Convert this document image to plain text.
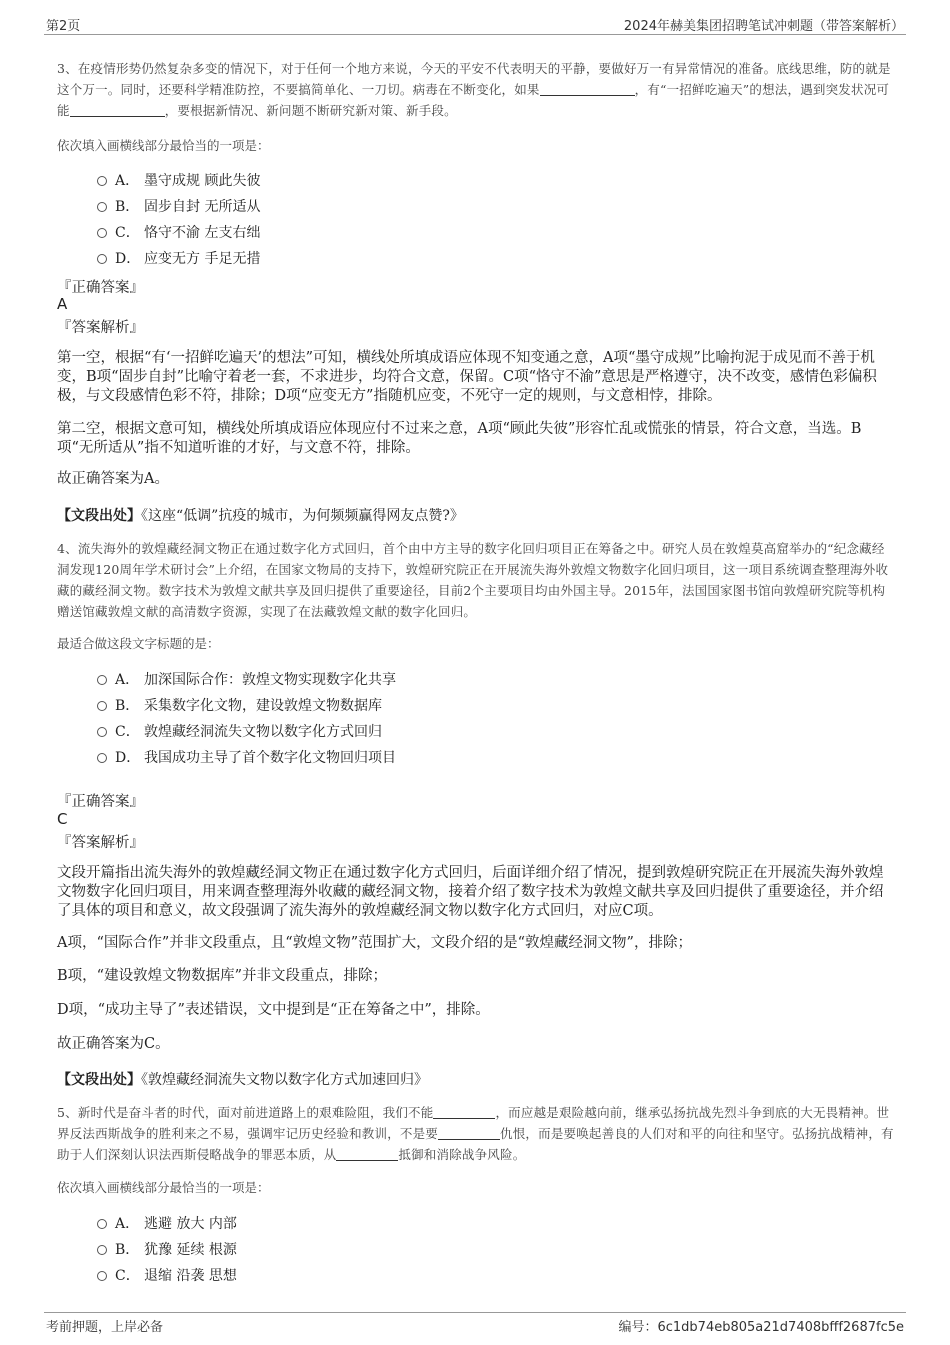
第2页	2024年赫美集团招聘笔试冲刺题（带答案解析）
3、在疫情形势仍然复杂多变的情况下，对于任何一个地方来说，今天的平安不代表明天的平静，要做好万一有异常情况的准备。底线思维，防的就是这个万一。同时，还要科学精准防控，不要搞简单化、一刀切。病毒在不断变化，如果	，有“一招鲜吃遍天”的想法，遇到突发状况可能	，要根据新情况、新问题不断研究新对策、新手段。
依次填入画横线部分最恰当的一项是：
A． 墨守成规 顾此失彼
B． 固步自封 无所适从
C． 恪守不渝 左支右绌
D． 应变无方 手足无措
『正确答案』
A
『答案解析』
第一空，根据“有‘一招鲜吃遍天’的想法”可知，横线处所填成语应体现不知变通之意，A项“墨守成规”比喻拘泥于成见而不善于机变，B项“固步自封”比喻守着老一套，不求进步，均符合文意，保留。C项“恪守不渝”意思是严格遵守，决不改变，感情色彩偏积极，与文段感情色彩不符，排除；D项“应变无方”指随机应变，不死守一定的规则，与文意相悖，排除。
第二空，根据文意可知，横线处所填成语应体现应付不过来之意，A项“顾此失彼”形容忙乱或慌张的情景，符合文意，当选。B项“无所适从”指不知道听谁的才好，与文意不符，排除。
故正确答案为A。
【文段出处】《这座“低调”抗疫的城市，为何频频赢得网友点赞?》
4、流失海外的敦煌藏经洞文物正在通过数字化方式回归，首个由中方主导的数字化回归项目正在筹备之中。研究人员在敦煌莫高窟举办的“纪念藏经洞发现120周年学术研讨会”上介绍，在国家文物局的支持下，敦煌研究院正在开展流失海外敦煌文物数字化回归项目，这一项目系统调查整理海外收藏的藏经洞文物。数字技术为敦煌文献共享及回归提供了重要途径，目前2个主要项目均由外国主导。2015年，法国国家图书馆向敦煌研究院等机构赠送馆藏敦煌文献的高清数字资源，实现了在法藏敦煌文献的数字化回归。
最适合做这段文字标题的是：
A． 加深国际合作：敦煌文物实现数字化共享
B． 采集数字化文物，建设敦煌文物数据库
C． 敦煌藏经洞流失文物以数字化方式回归
D． 我国成功主导了首个数字化文物回归项目
『正确答案』
C
『答案解析』
文段开篇指出流失海外的敦煌藏经洞文物正在通过数字化方式回归，后面详细介绍了情况，提到敦煌研究院正在开展流失海外敦煌文物数字化回归项目，用来调查整理海外收藏的藏经洞文物，接着介绍了数字技术为敦煌文献共享及回归提供了重要途径，并介绍了具体的项目和意义，故文段强调了流失海外的敦煌藏经洞文物以数字化方式回归，对应C项。
A项，“国际合作”并非文段重点，且“敦煌文物”范围扩大，文段介绍的是“敦煌藏经洞文物”，排除；
B项，“建设敦煌文物数据库”并非文段重点，排除；
D项，“成功主导了”表述错误，文中提到是“正在筹备之中”，排除。
故正确答案为C。
【文段出处】《敦煌藏经洞流失文物以数字化方式加速回归》
5、新时代是奋斗者的时代，面对前进道路上的艰难险阻，我们不能	，而应越是艰险越向前，继承弘扬抗战先烈斗争到底的大无畏精神。世界反法西斯战争的胜利来之不易，强调牢记历史经验和教训，不是要	仇恨，而是要唤起善良的人们对和平的向往和坚守。弘扬抗战精神，有助于人们深刻认识法西斯侵略战争的罪恶本质，从	抵御和消除战争风险。
依次填入画横线部分最恰当的一项是：
A． 逃避 放大 内部
B． 犹豫 延续 根源
C． 退缩 沿袭 思想
考前押题，上岸必备	编号：6c1db74eb805a21d7408bfff2687fc5e
